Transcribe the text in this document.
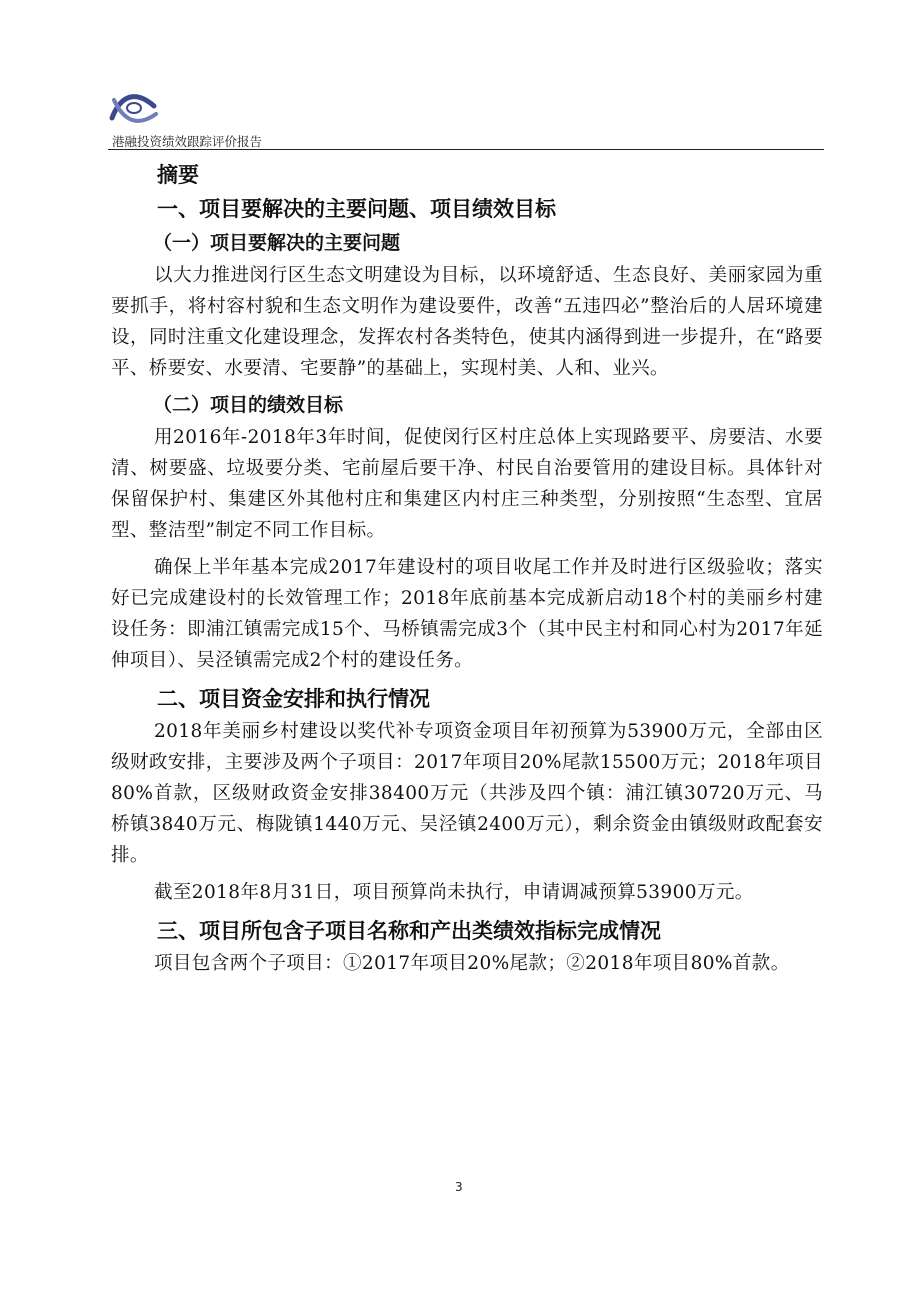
港融投资绩效跟踪评价报告

摘要

一、项目要解决的主要问题、项目绩效目标

（一）项目要解决的主要问题

以大力推进闵行区生态文明建设为目标，以环境舒适、生态良好、美丽家园为重要抓手，将村容村貌和生态文明作为建设要件，改善“五违四必”整治后的人居环境建设，同时注重文化建设理念，发挥农村各类特色，使其内涵得到进一步提升，在“路要平、桥要安、水要清、宅要静”的基础上，实现村美、人和、业兴。

（二）项目的绩效目标

用2016年-2018年3年时间，促使闵行区村庄总体上实现路要平、房要洁、水要清、树要盛、垃圾要分类、宅前屋后要干净、村民自治要管用的建设目标。具体针对保留保护村、集建区外其他村庄和集建区内村庄三种类型，分别按照“生态型、宜居型、整洁型”制定不同工作目标。

确保上半年基本完成2017年建设村的项目收尾工作并及时进行区级验收；落实好已完成建设村的长效管理工作；2018年底前基本完成新启动18个村的美丽乡村建设任务：即浦江镇需完成15个、马桥镇需完成3个（其中民主村和同心村为2017年延伸项目）、吴泾镇需完成2个村的建设任务。

二、项目资金安排和执行情况

2018年美丽乡村建设以奖代补专项资金项目年初预算为53900万元，全部由区级财政安排，主要涉及两个子项目：2017年项目20%尾款15500万元；2018年项目80%首款，区级财政资金安排38400万元（共涉及四个镇：浦江镇30720万元、马桥镇3840万元、梅陇镇1440万元、吴泾镇2400万元），剩余资金由镇级财政配套安排。

截至2018年8月31日，项目预算尚未执行，申请调减预算53900万元。

三、项目所包含子项目名称和产出类绩效指标完成情况

项目包含两个子项目：①2017年项目20%尾款；②2018年项目80%首款。

3
